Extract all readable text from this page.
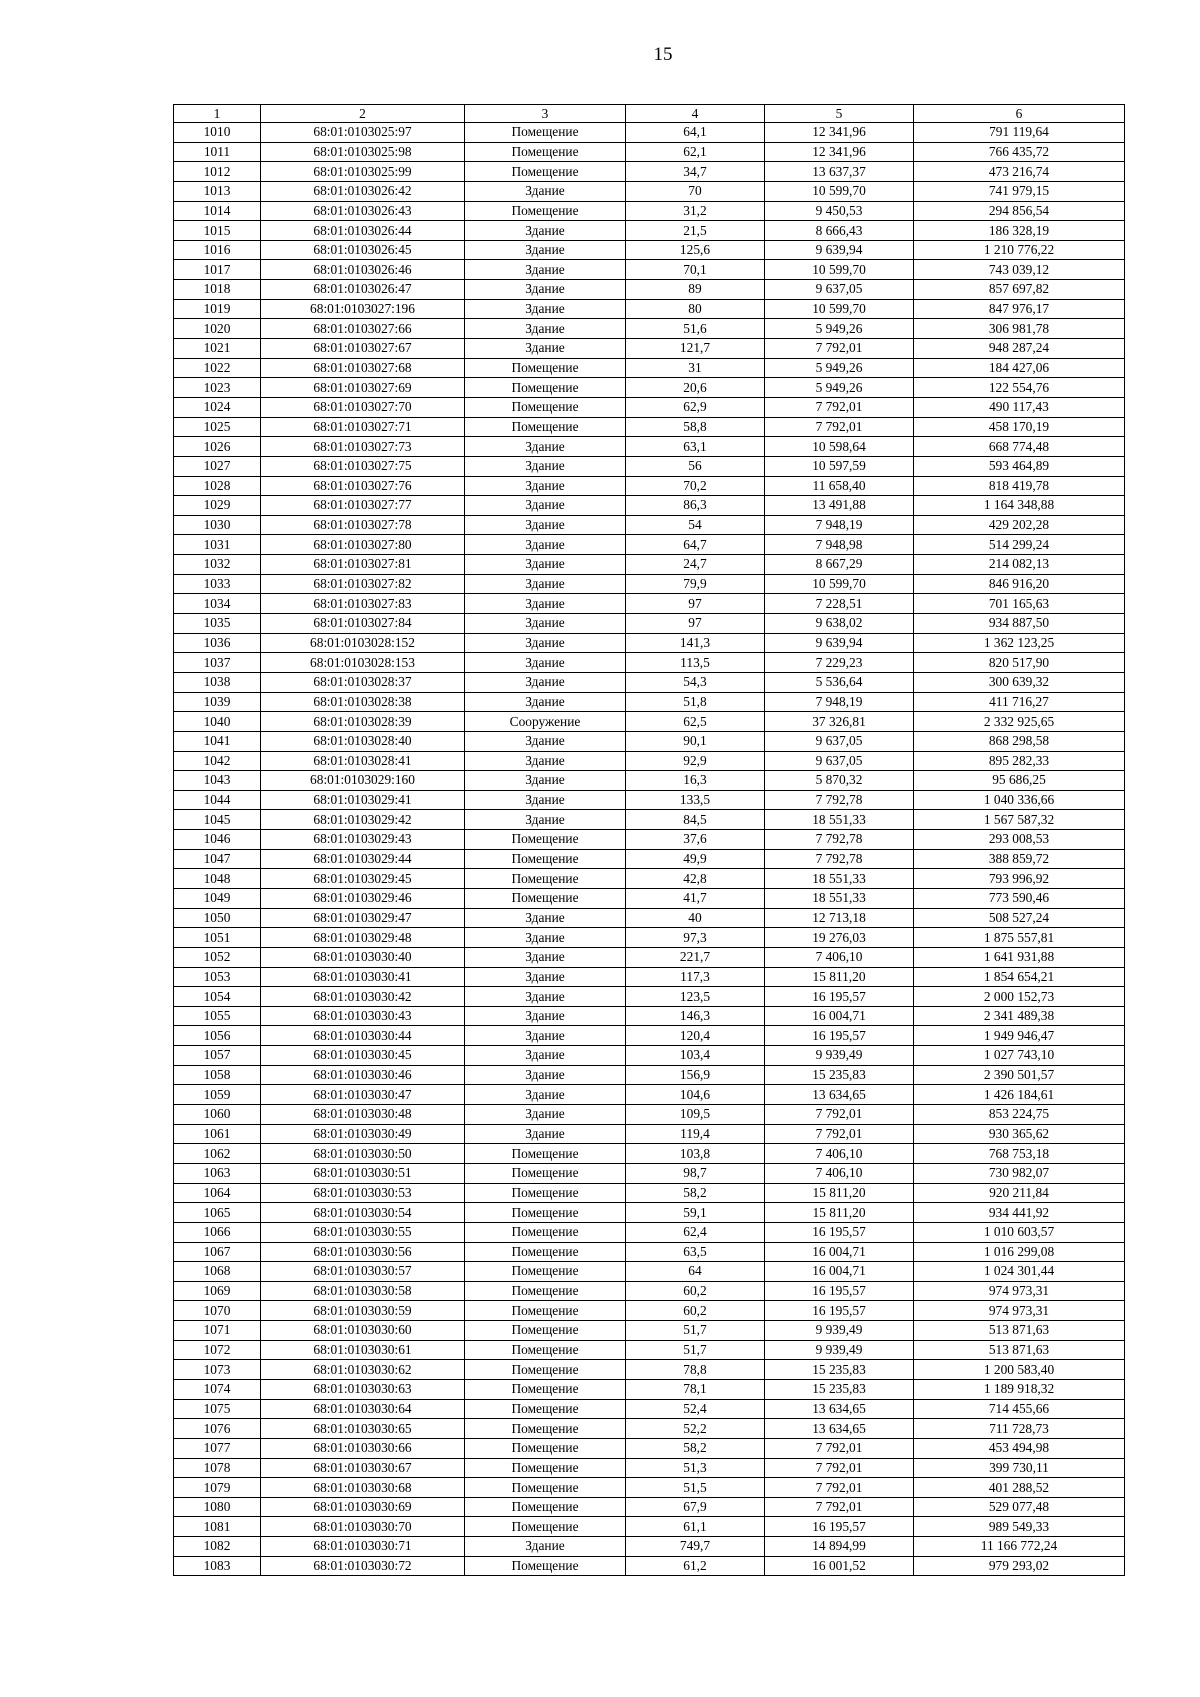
15
1	2	3	4	5	6
1010	68:01:0103025:97	Помещение	64,1	12 341,96	791 119,64
1011	68:01:0103025:98	Помещение	62,1	12 341,96	766 435,72
1012	68:01:0103025:99	Помещение	34,7	13 637,37	473 216,74
1013	68:01:0103026:42	Здание	70	10 599,70	741 979,15
1014	68:01:0103026:43	Помещение	31,2	9 450,53	294 856,54
1015	68:01:0103026:44	Здание	21,5	8 666,43	186 328,19
1016	68:01:0103026:45	Здание	125,6	9 639,94	1 210 776,22
1017	68:01:0103026:46	Здание	70,1	10 599,70	743 039,12
1018	68:01:0103026:47	Здание	89	9 637,05	857 697,82
1019	68:01:0103027:196	Здание	80	10 599,70	847 976,17
1020	68:01:0103027:66	Здание	51,6	5 949,26	306 981,78
1021	68:01:0103027:67	Здание	121,7	7 792,01	948 287,24
1022	68:01:0103027:68	Помещение	31	5 949,26	184 427,06
1023	68:01:0103027:69	Помещение	20,6	5 949,26	122 554,76
1024	68:01:0103027:70	Помещение	62,9	7 792,01	490 117,43
1025	68:01:0103027:71	Помещение	58,8	7 792,01	458 170,19
1026	68:01:0103027:73	Здание	63,1	10 598,64	668 774,48
1027	68:01:0103027:75	Здание	56	10 597,59	593 464,89
1028	68:01:0103027:76	Здание	70,2	11 658,40	818 419,78
1029	68:01:0103027:77	Здание	86,3	13 491,88	1 164 348,88
1030	68:01:0103027:78	Здание	54	7 948,19	429 202,28
1031	68:01:0103027:80	Здание	64,7	7 948,98	514 299,24
1032	68:01:0103027:81	Здание	24,7	8 667,29	214 082,13
1033	68:01:0103027:82	Здание	79,9	10 599,70	846 916,20
1034	68:01:0103027:83	Здание	97	7 228,51	701 165,63
1035	68:01:0103027:84	Здание	97	9 638,02	934 887,50
1036	68:01:0103028:152	Здание	141,3	9 639,94	1 362 123,25
1037	68:01:0103028:153	Здание	113,5	7 229,23	820 517,90
1038	68:01:0103028:37	Здание	54,3	5 536,64	300 639,32
1039	68:01:0103028:38	Здание	51,8	7 948,19	411 716,27
1040	68:01:0103028:39	Сооружение	62,5	37 326,81	2 332 925,65
1041	68:01:0103028:40	Здание	90,1	9 637,05	868 298,58
1042	68:01:0103028:41	Здание	92,9	9 637,05	895 282,33
1043	68:01:0103029:160	Здание	16,3	5 870,32	95 686,25
1044	68:01:0103029:41	Здание	133,5	7 792,78	1 040 336,66
1045	68:01:0103029:42	Здание	84,5	18 551,33	1 567 587,32
1046	68:01:0103029:43	Помещение	37,6	7 792,78	293 008,53
1047	68:01:0103029:44	Помещение	49,9	7 792,78	388 859,72
1048	68:01:0103029:45	Помещение	42,8	18 551,33	793 996,92
1049	68:01:0103029:46	Помещение	41,7	18 551,33	773 590,46
1050	68:01:0103029:47	Здание	40	12 713,18	508 527,24
1051	68:01:0103029:48	Здание	97,3	19 276,03	1 875 557,81
1052	68:01:0103030:40	Здание	221,7	7 406,10	1 641 931,88
1053	68:01:0103030:41	Здание	117,3	15 811,20	1 854 654,21
1054	68:01:0103030:42	Здание	123,5	16 195,57	2 000 152,73
1055	68:01:0103030:43	Здание	146,3	16 004,71	2 341 489,38
1056	68:01:0103030:44	Здание	120,4	16 195,57	1 949 946,47
1057	68:01:0103030:45	Здание	103,4	9 939,49	1 027 743,10
1058	68:01:0103030:46	Здание	156,9	15 235,83	2 390 501,57
1059	68:01:0103030:47	Здание	104,6	13 634,65	1 426 184,61
1060	68:01:0103030:48	Здание	109,5	7 792,01	853 224,75
1061	68:01:0103030:49	Здание	119,4	7 792,01	930 365,62
1062	68:01:0103030:50	Помещение	103,8	7 406,10	768 753,18
1063	68:01:0103030:51	Помещение	98,7	7 406,10	730 982,07
1064	68:01:0103030:53	Помещение	58,2	15 811,20	920 211,84
1065	68:01:0103030:54	Помещение	59,1	15 811,20	934 441,92
1066	68:01:0103030:55	Помещение	62,4	16 195,57	1 010 603,57
1067	68:01:0103030:56	Помещение	63,5	16 004,71	1 016 299,08
1068	68:01:0103030:57	Помещение	64	16 004,71	1 024 301,44
1069	68:01:0103030:58	Помещение	60,2	16 195,57	974 973,31
1070	68:01:0103030:59	Помещение	60,2	16 195,57	974 973,31
1071	68:01:0103030:60	Помещение	51,7	9 939,49	513 871,63
1072	68:01:0103030:61	Помещение	51,7	9 939,49	513 871,63
1073	68:01:0103030:62	Помещение	78,8	15 235,83	1 200 583,40
1074	68:01:0103030:63	Помещение	78,1	15 235,83	1 189 918,32
1075	68:01:0103030:64	Помещение	52,4	13 634,65	714 455,66
1076	68:01:0103030:65	Помещение	52,2	13 634,65	711 728,73
1077	68:01:0103030:66	Помещение	58,2	7 792,01	453 494,98
1078	68:01:0103030:67	Помещение	51,3	7 792,01	399 730,11
1079	68:01:0103030:68	Помещение	51,5	7 792,01	401 288,52
1080	68:01:0103030:69	Помещение	67,9	7 792,01	529 077,48
1081	68:01:0103030:70	Помещение	61,1	16 195,57	989 549,33
1082	68:01:0103030:71	Здание	749,7	14 894,99	11 166 772,24
1083	68:01:0103030:72	Помещение	61,2	16 001,52	979 293,02
